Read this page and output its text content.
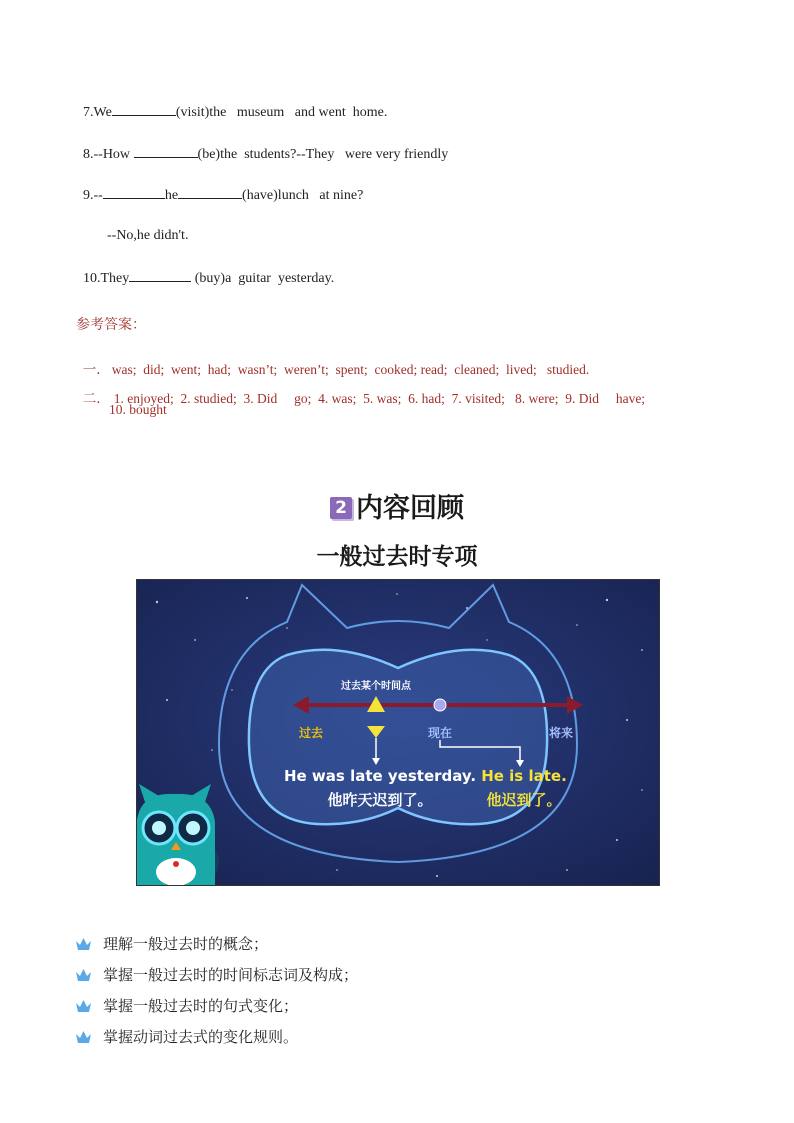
7.We	(visit)the   museum   and went  home.

8.--How	(be)the  students?--They   were very friendly

9.--	he	(have)lunch   at nine?

--No,he didn't.

10.They	(buy)a  guitar  yesterday.

参考答案：

一． was;  did;  went;  had;  wasn’t;  weren’t;  spent;  cooked; read;  cleaned;  lived;   studied.

二． 1. enjoyed;  2. studied;  3. Did     go;  4. was;  5. was;  6. had;  7. visited;   8. were;  9. Did     have;

10. bought
2 内容回顾
一般过去时专项
过去某个时间点
过去	现在	将来
He was late yesterday.
他昨天迟到了。
He is late.
他迟到了。
理解一般过去时的概念；
掌握一般过去时的时间标志词及构成；
掌握一般过去时的句式变化；
掌握动词过去式的变化规则。
